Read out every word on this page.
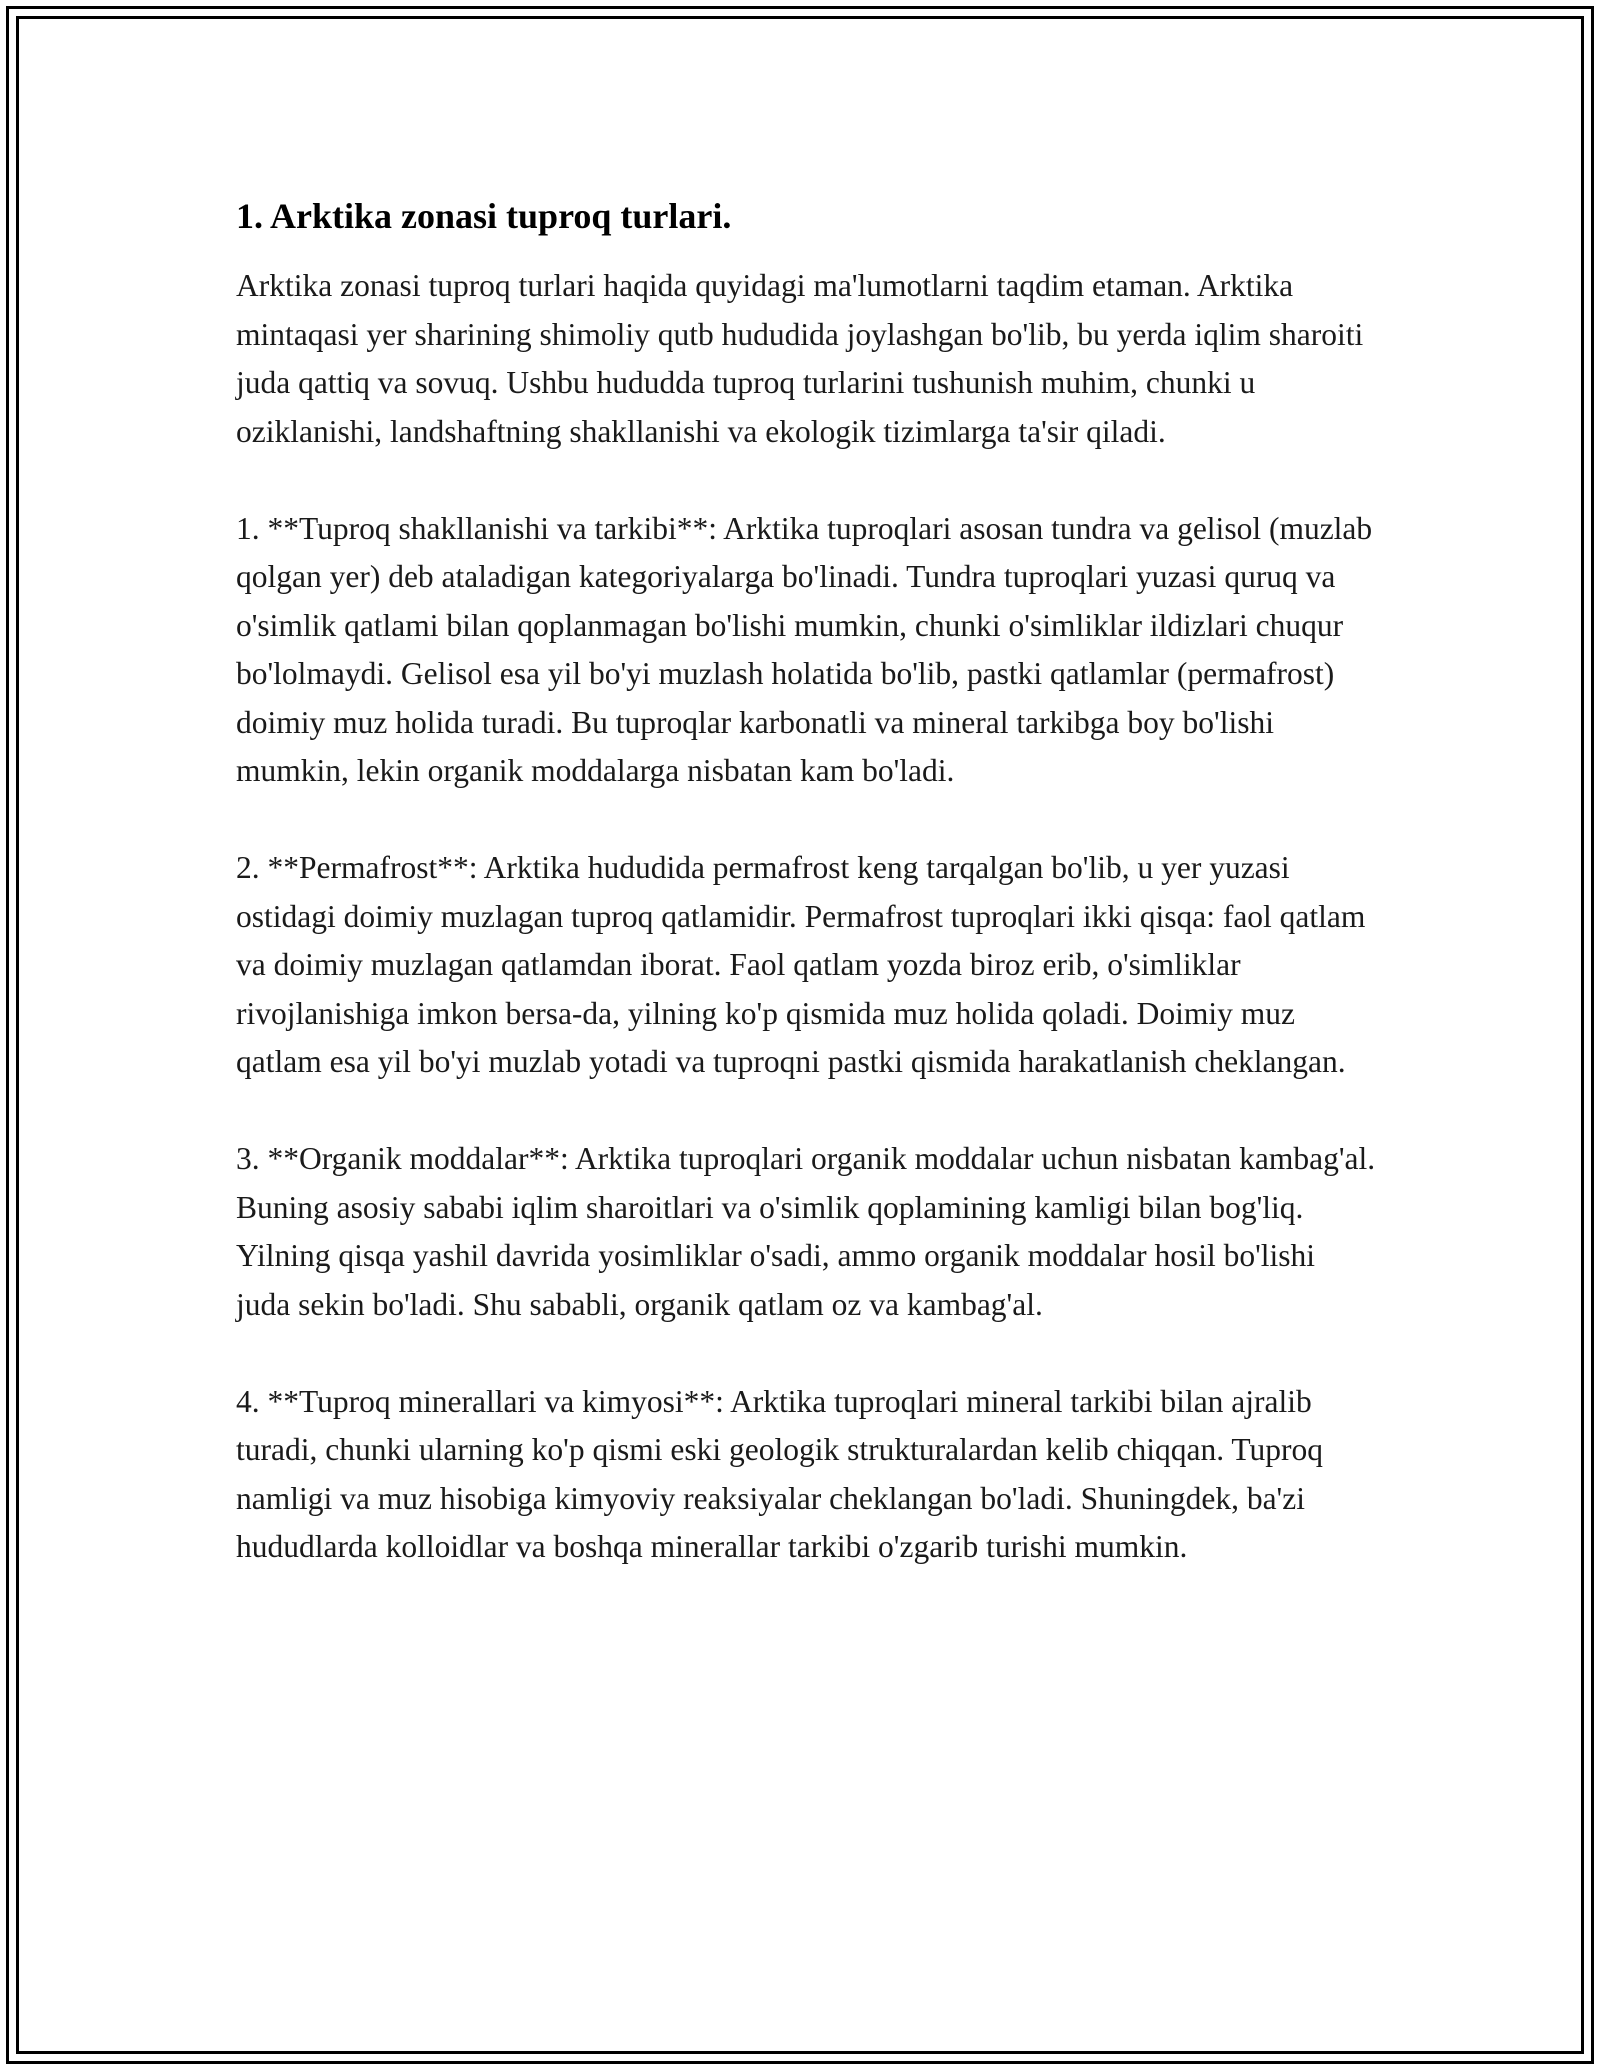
1. Arktika zonasi tuproq turlari.

Arktika zonasi tuproq turlari haqida quyidagi ma'lumotlarni taqdim etaman. Arktika mintaqasi yer sharining shimoliy qutb hududida joylashgan bo'lib, bu yerda iqlim sharoiti juda qattiq va sovuq. Ushbu hududda tuproq turlarini tushunish muhim, chunki u oziklanishi, landshaftning shakllanishi va ekologik tizimlarga ta'sir qiladi.

1. **Tuproq shakllanishi va tarkibi**: Arktika tuproqlari asosan tundra va gelisol (muzlab qolgan yer) deb ataladigan kategoriyalarga bo'linadi. Tundra tuproqlari yuzasi quruq va o'simlik qatlami bilan qoplanmagan bo'lishi mumkin, chunki o'simliklar ildizlari chuqur bo'lolmaydi. Gelisol esa yil bo'yi muzlash holatida bo'lib, pastki qatlamlar (permafrost) doimiy muz holida turadi. Bu tuproqlar karbonatli va mineral tarkibga boy bo'lishi mumkin, lekin organik moddalarga nisbatan kam bo'ladi.

2. **Permafrost**: Arktika hududida permafrost keng tarqalgan bo'lib, u yer yuzasi ostidagi doimiy muzlagan tuproq qatlamidir. Permafrost tuproqlari ikki qisqa: faol qatlam va doimiy muzlagan qatlamdan iborat. Faol qatlam yozda biroz erib, o'simliklar rivojlanishiga imkon bersa-da, yilning ko'p qismida muz holida qoladi. Doimiy muz qatlam esa yil bo'yi muzlab yotadi va tuproqni pastki qismida harakatlanish cheklangan.

3. **Organik moddalar**: Arktika tuproqlari organik moddalar uchun nisbatan kambag'al. Buning asosiy sababi iqlim sharoitlari va o'simlik qoplamining kamligi bilan bog'liq. Yilning qisqa yashil davrida yosimliklar o'sadi, ammo organik moddalar hosil bo'lishi juda sekin bo'ladi. Shu sababli, organik qatlam oz va kambag'al.

4. **Tuproq minerallari va kimyosi**: Arktika tuproqlari mineral tarkibi bilan ajralib turadi, chunki ularning ko'p qismi eski geologik strukturalardan kelib chiqqan. Tuproq namligi va muz hisobiga kimyoviy reaksiyalar cheklangan bo'ladi. Shuningdek, ba'zi hududlarda kolloidlar va boshqa minerallar tarkibi o'zgarib turishi mumkin.
